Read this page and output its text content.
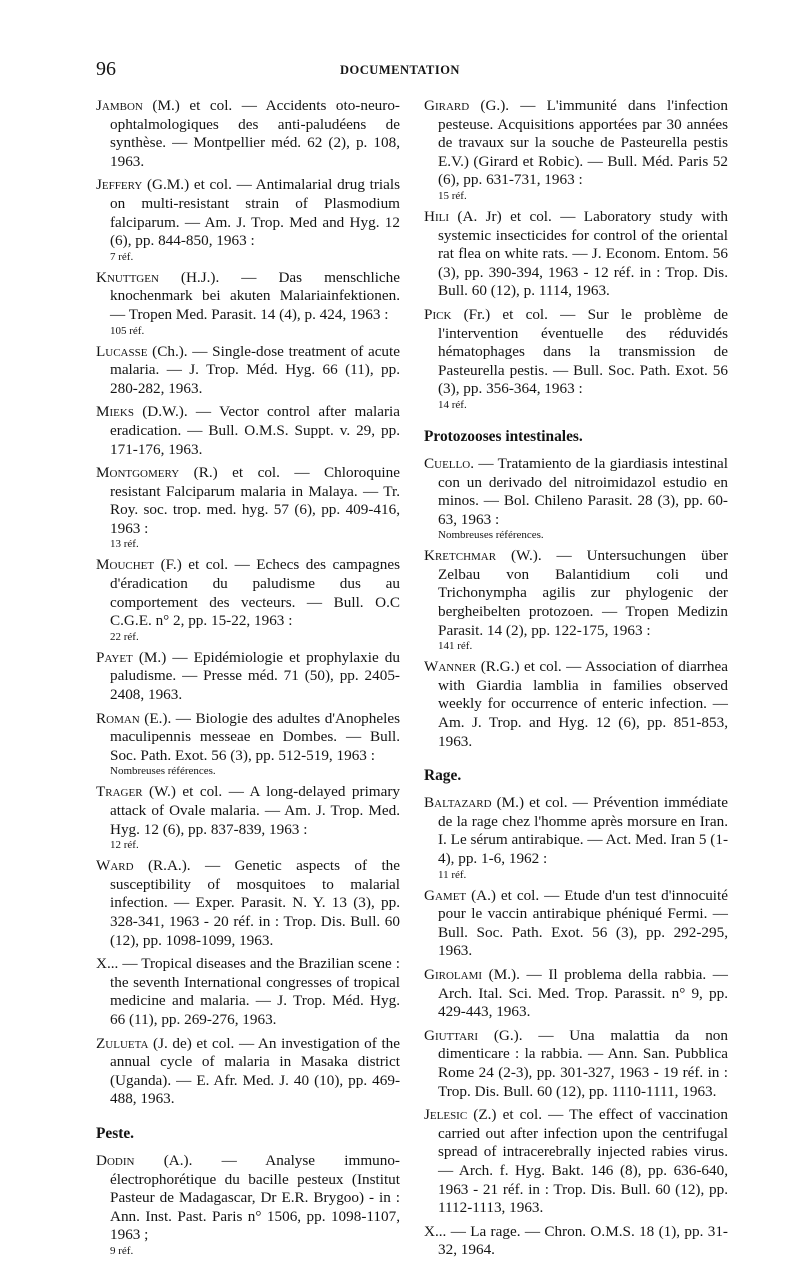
96	DOCUMENTATION
Jambon (M.) et col. — Accidents oto-neuro-ophtalmologiques des anti-paludéens de synthèse. — Montpellier méd. 62 (2), p. 108, 1963.
Jeffery (G.M.) et col. — Antimalarial drug trials on multi-resistant strain of Plasmodium falciparum. — Am. J. Trop. Med and Hyg. 12 (6), pp. 844-850, 1963 :
7 réf.
Knuttgen (H.J.). — Das menschliche knochenmark bei akuten Malariainfektionen. — Tropen Med. Parasit. 14 (4), p. 424, 1963 :
105 réf.
Lucasse (Ch.). — Single-dose treatment of acute malaria. — J. Trop. Méd. Hyg. 66 (11), pp. 280-282, 1963.
Mieks (D.W.). — Vector control after malaria eradication. — Bull. O.M.S. Suppt. v. 29, pp. 171-176, 1963.
Montgomery (R.) et col. — Chloroquine resistant Falciparum malaria in Malaya. — Tr. Roy. soc. trop. med. hyg. 57 (6), pp. 409-416, 1963 :
13 réf.
Mouchet (F.) et col. — Echecs des campagnes d'éradication du paludisme dus au comportement des vecteurs. — Bull. O.C C.G.E. n° 2, pp. 15-22, 1963 :
22 réf.
Payet (M.) — Epidémiologie et prophylaxie du paludisme. — Presse méd. 71 (50), pp. 2405-2408, 1963.
Roman (E.). — Biologie des adultes d'Anopheles maculipennis messeae en Dombes. — Bull. Soc. Path. Exot. 56 (3), pp. 512-519, 1963 :
Nombreuses références.
Trager (W.) et col. — A long-delayed primary attack of Ovale malaria. — Am. J. Trop. Med. Hyg. 12 (6), pp. 837-839, 1963 :
12 réf.
Ward (R.A.). — Genetic aspects of the susceptibility of mosquitoes to malarial infection. — Exper. Parasit. N. Y. 13 (3), pp. 328-341, 1963 - 20 réf. in : Trop. Dis. Bull. 60 (12), pp. 1098-1099, 1963.
X... — Tropical diseases and the Brazilian scene : the seventh International congresses of tropical medicine and malaria. — J. Trop. Méd. Hyg. 66 (11), pp. 269-276, 1963.
Zulueta (J. de) et col. — An investigation of the annual cycle of malaria in Masaka district (Uganda). — E. Afr. Med. J. 40 (10), pp. 469-488, 1963.
Peste.
Dodin (A.). — Analyse immuno-électrophorétique du bacille pesteux (Institut Pasteur de Madagascar, Dr E.R. Brygoo) - in : Ann. Inst. Past. Paris n° 1506, pp. 1098-1107, 1963 ;
9 réf.
Girard (G.). — L'immunité dans l'infection pesteuse. Acquisitions apportées par 30 années de travaux sur la souche de Pasteurella pestis E.V.) (Girard et Robic). — Bull. Méd. Paris 52 (6), pp. 631-731, 1963 :
15 réf.
Hili (A. Jr) et col. — Laboratory study with systemic insecticides for control of the oriental rat flea on white rats. — J. Econom. Entom. 56 (3), pp. 390-394, 1963 - 12 réf. in : Trop. Dis. Bull. 60 (12), p. 1114, 1963.
Pick (Fr.) et col. — Sur le problème de l'intervention éventuelle des réduvidés hématophages dans la transmission de Pasteurella pestis. — Bull. Soc. Path. Exot. 56 (3), pp. 356-364, 1963 :
14 réf.
Protozooses intestinales.
Cuello. — Tratamiento de la giardiasis intestinal con un derivado del nitroimidazol estudio en minos. — Bol. Chileno Parasit. 28 (3), pp. 60-63, 1963 :
Nombreuses références.
Kretchmar (W.). — Untersuchungen über Zelbau von Balantidium coli und Trichonympha agilis zur phylogenic der bergheibelten protozoen. — Tropen Medizin Parasit. 14 (2), pp. 122-175, 1963 :
141 réf.
Wanner (R.G.) et col. — Association of diarrhea with Giardia lamblia in families observed weekly for occurrence of enteric infection. — Am. J. Trop. and Hyg. 12 (6), pp. 851-853, 1963.
Rage.
Baltazard (M.) et col. — Prévention immédiate de la rage chez l'homme après morsure en Iran. I. Le sérum antirabique. — Act. Med. Iran 5 (1-4), pp. 1-6, 1962 :
11 réf.
Gamet (A.) et col. — Etude d'un test d'innocuité pour le vaccin antirabique phéniqué Fermi. — Bull. Soc. Path. Exot. 56 (3), pp. 292-295, 1963.
Girolami (M.). — Il problema della rabbia. — Arch. Ital. Sci. Med. Trop. Parassit. n° 9, pp. 429-443, 1963.
Giuttari (G.). — Una malattia da non dimenticare : la rabbia. — Ann. San. Pubblica Rome 24 (2-3), pp. 301-327, 1963 - 19 réf. in : Trop. Dis. Bull. 60 (12), pp. 1110-1111, 1963.
Jelesic (Z.) et col. — The effect of vaccination carried out after infection upon the centrifugal spread of intracerebrally injected rabies virus. — Arch. f. Hyg. Bakt. 146 (8), pp. 636-640, 1963 - 21 réf. in : Trop. Dis. Bull. 60 (12), pp. 1112-1113, 1963.
X... — La rage. — Chron. O.M.S. 18 (1), pp. 31-32, 1964.
